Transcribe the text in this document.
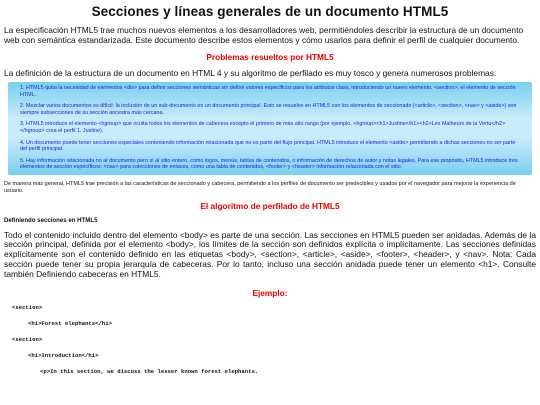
Secciones y líneas generales de un documento HTML5

La especificación HTML5 trae muchos nuevos elementos a los desarrolladores web, permitiéndoles describir la estructura de un documento web con semántica estandarizada. Este documento describe estos elementos y cómo usarlos para definir el perfil de cualquier documento.

Problemas resueltos por HTML5

La definición de la estructura de un documento en HTML 4 y su algoritmo de perfilado es muy tosco y genera numerosos problemas:

1. HTML5 quita la necesidad de elementos <div> para definir secciones semánticas sin definir valores específicos para los atributos class, introduciendo un nuevo elemento, <section>, el elemento de sección HTML.

2. Mezclar varios documentos es difícil: la inclusión de un sub-documento en un documento principal. Esto se resuelve en HTML5 con los elementos de seccionado (<article>, <section>, <nav> y <aside>) son siempre subsecciones de su sección ancestra más cercana.

3. HTML5 introduce el elemento <hgroup> que oculta todos los elementos de cabecera excepto el primero de más alto rango (por ejemplo, <hgroup><h1>Justine</h1><h2>Les Malheurs de la Vertu</h2></hgroup> crea el perfil 1. Justine).

4. Un documento puede tener secciones especiales conteniendo información relacionada que no es parte del flujo principal. HTML5 introduce el elemento <aside> permitiendo a dichas secciones no ser parte del perfil principal.

5. Hay información relacionada no al documento pero sí al sitio entero, como logos, menús, tablas de contenidos, o información de derechos de autor y notas legales. Para ese propósito, HTML5 introduce tres elementos de sección específicos: <nav> para colecciones de enlaces, como una tabla de contenidos, <footer> y <header> información relacionada con el sitio.

De manera más general, HTML5 trae precisión a las características de seccionado y cabecera, permitiendo a los perfiles de documento ser predecibles y usados por el navegador para mejorar la experiencia de usuario.

El algoritmo de perfilado de HTML5

Definiendo secciones en HTML5

Todo el contenido incluido dentro del elemento <body> es parte de una sección. Las secciones en HTML5 pueden ser anidadas. Además de la sección principal, definida por el elemento <body>, los límites de la sección son definidos explícita o implícitamente. Las secciones definidas explícitamente son el contenido definido en las etiquetas <body>, <section>, <article>, <aside>, <footer>, <header>, y <nav>. Nota: Cada sección puede tener su propia jerarquía de cabeceras. Por lo tanto, incluso una sección anidada puede tener un elemento <h1>. Consulte también Definiendo cabeceras en HTML5.

Ejemplo:
<section>
<h1>Forest elephants</h1>
<section>
<h1>Introduction</h1>
<p>In this section, we discuss the lesser known forest elephants.
